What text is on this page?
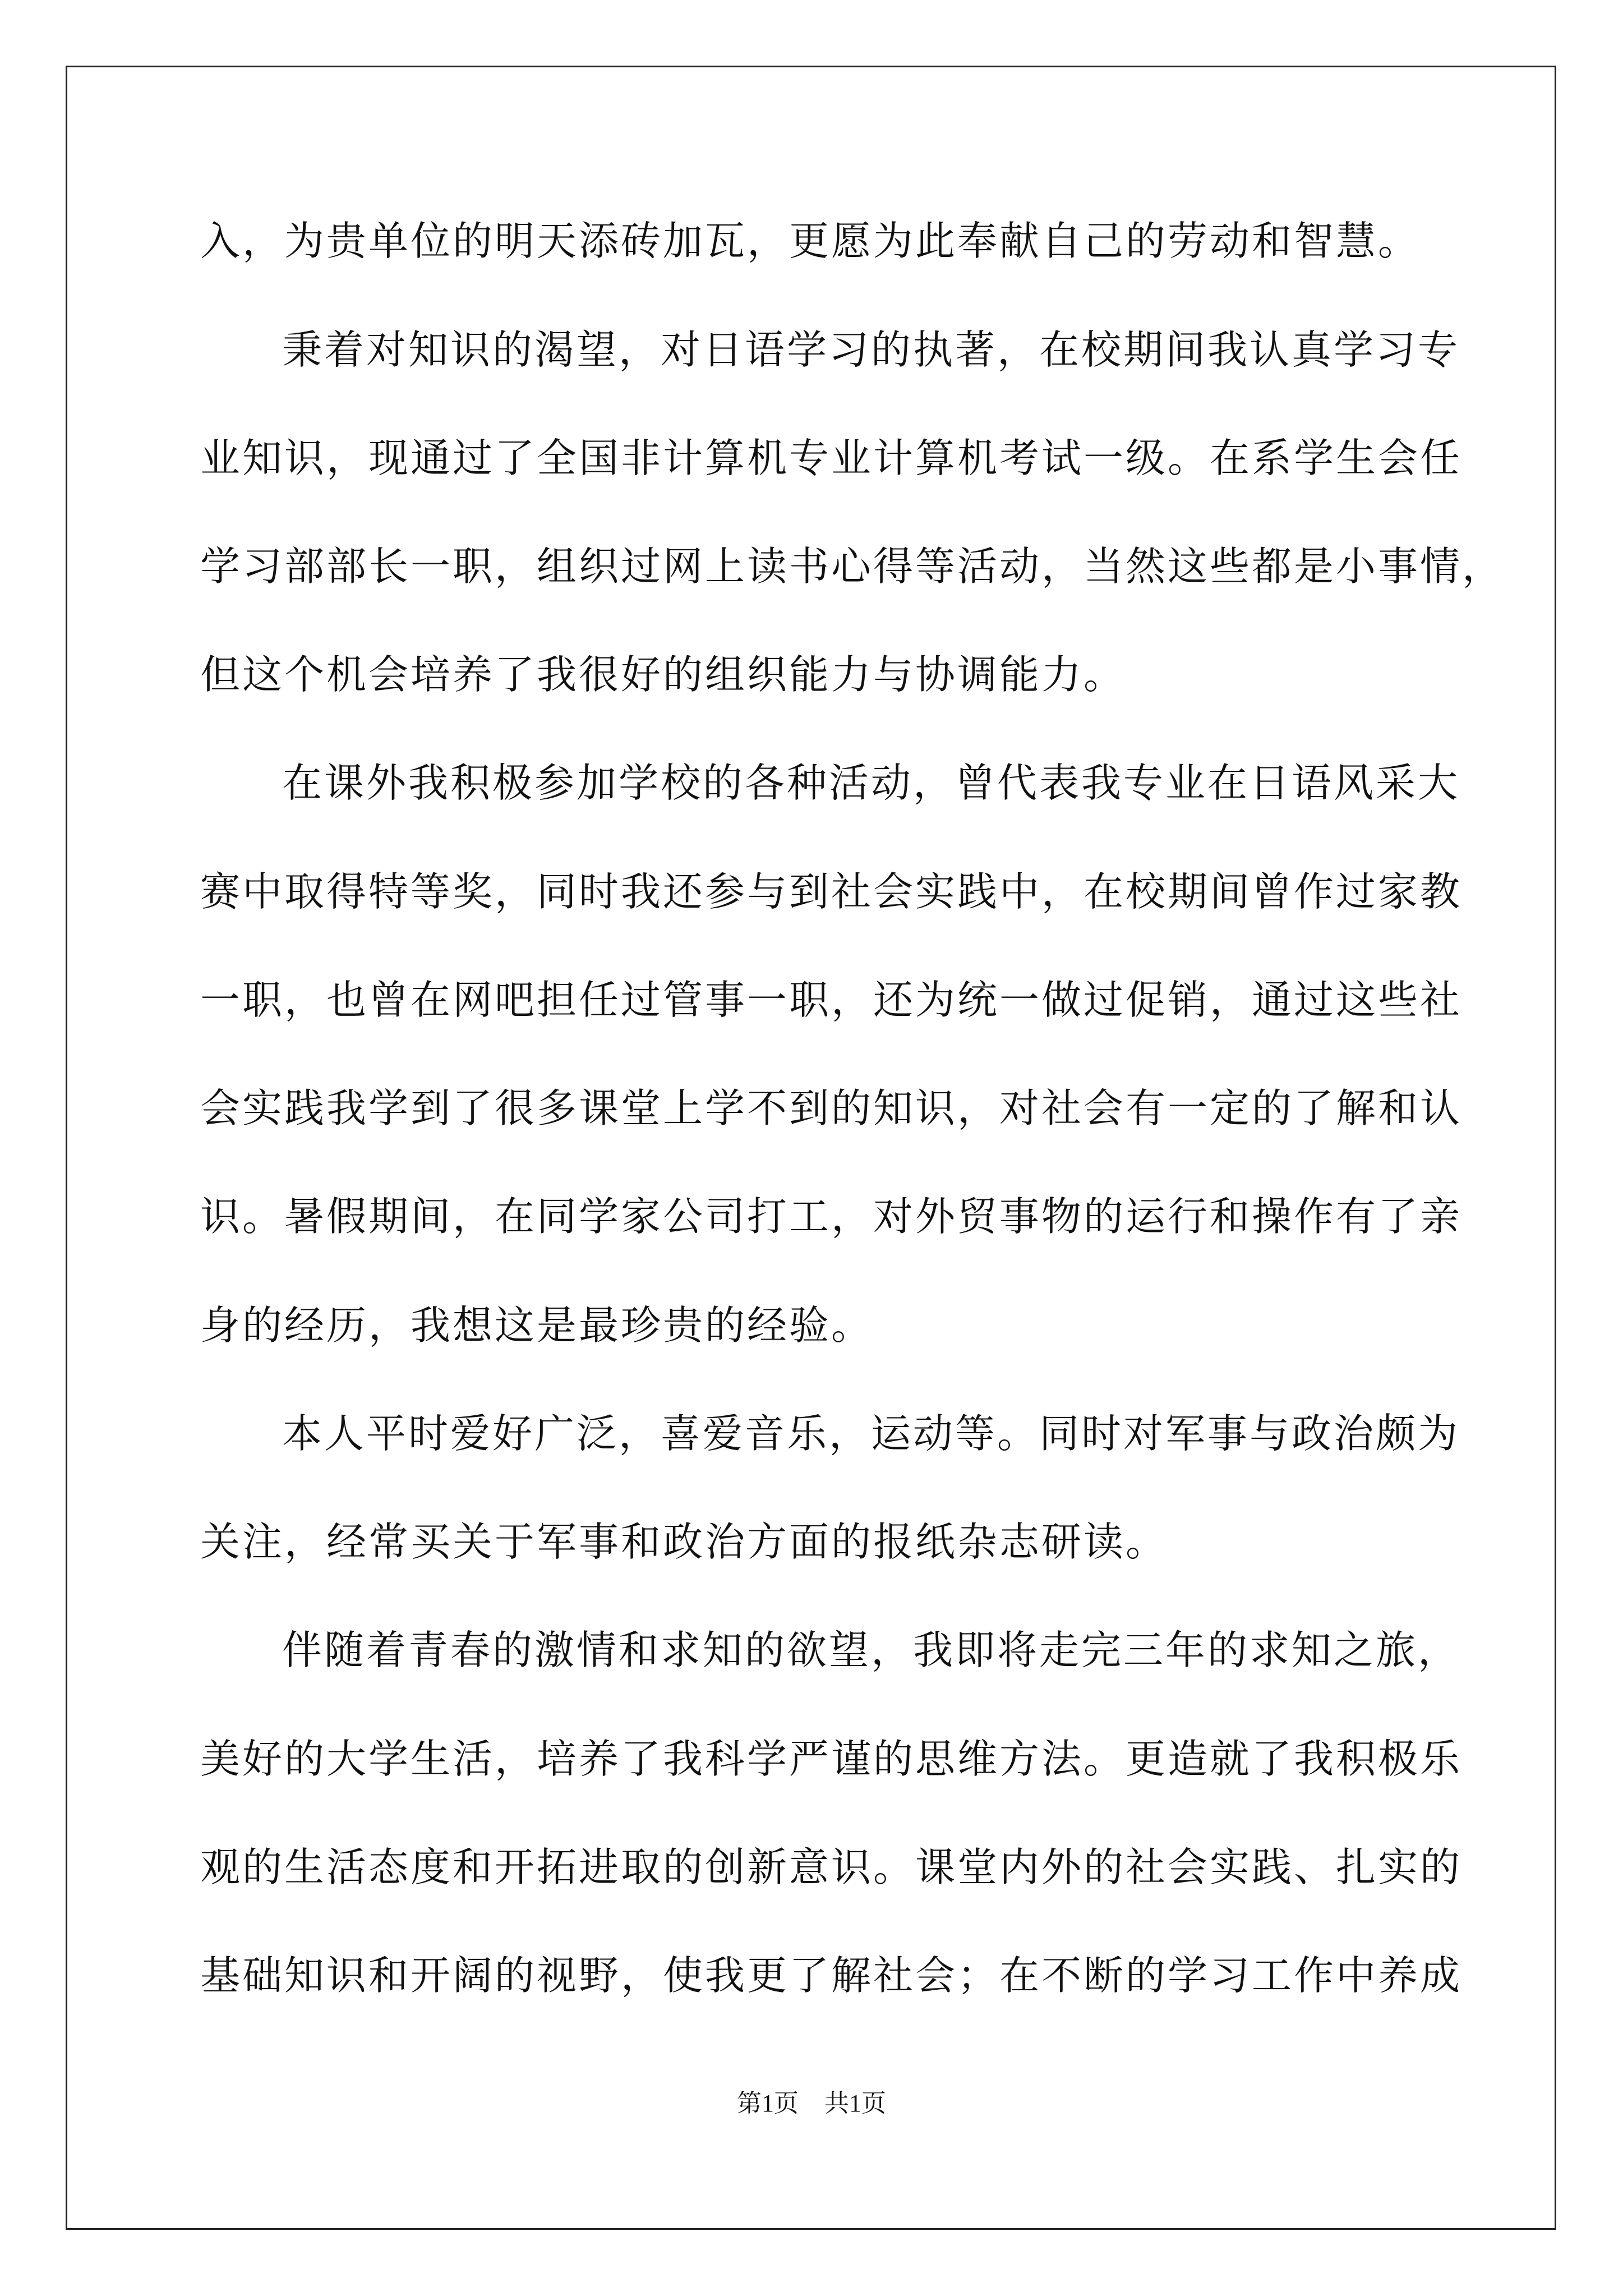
入，为贵单位的明天添砖加瓦，更愿为此奉献自己的劳动和智慧。
秉着对知识的渴望，对日语学习的执著，在校期间我认真学习专
业知识，现通过了全国非计算机专业计算机考试一级。在系学生会任
学习部部长一职，组织过网上读书心得等活动，当然这些都是小事情，
但这个机会培养了我很好的组织能力与协调能力。
在课外我积极参加学校的各种活动，曾代表我专业在日语风采大
赛中取得特等奖，同时我还参与到社会实践中，在校期间曾作过家教
一职，也曾在网吧担任过管事一职，还为统一做过促销，通过这些社
会实践我学到了很多课堂上学不到的知识，对社会有一定的了解和认
识。暑假期间，在同学家公司打工，对外贸事物的运行和操作有了亲
身的经历，我想这是最珍贵的经验。
本人平时爱好广泛，喜爱音乐，运动等。同时对军事与政治颇为
关注，经常买关于军事和政治方面的报纸杂志研读。
伴随着青春的激情和求知的欲望，我即将走完三年的求知之旅，
美好的大学生活，培养了我科学严谨的思维方法。更造就了我积极乐
观的生活态度和开拓进取的创新意识。课堂内外的社会实践、扎实的
基础知识和开阔的视野，使我更了解社会；在不断的学习工作中养成
第1页 共1页
